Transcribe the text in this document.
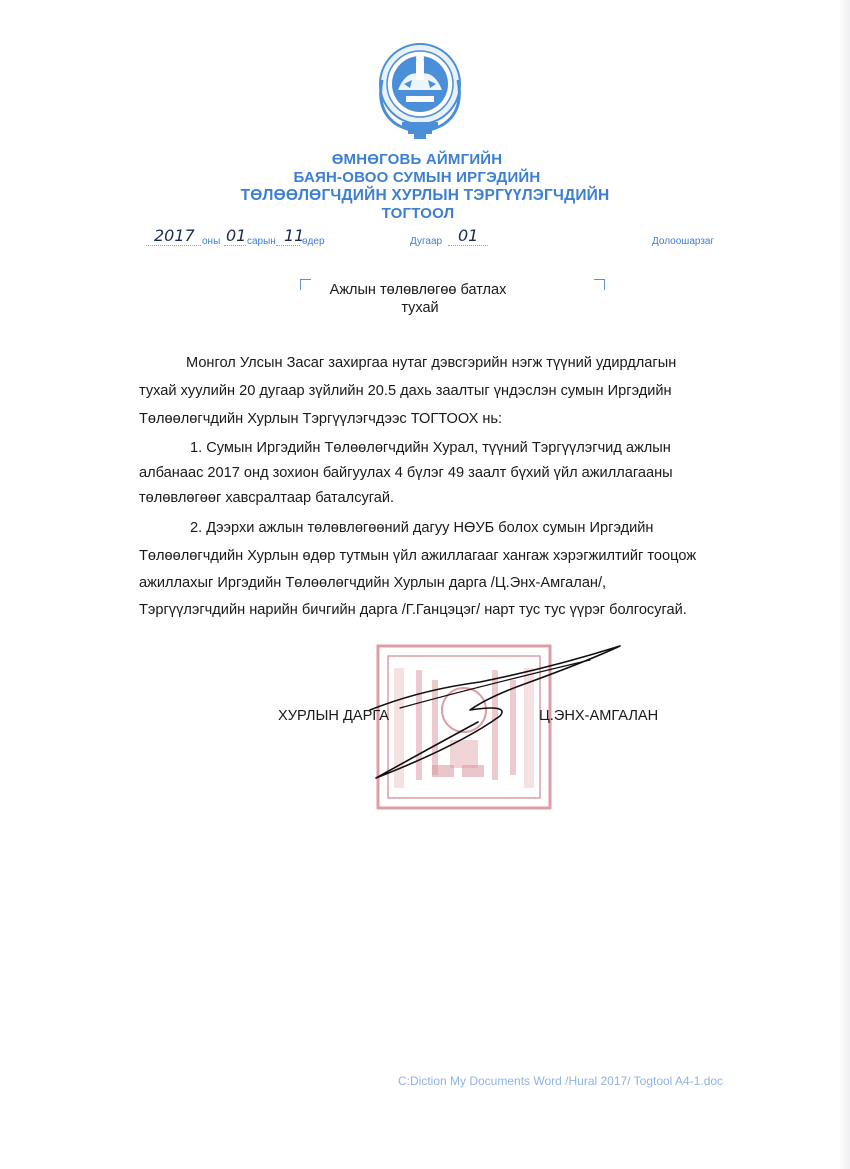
ӨМНӨГОВЬ АЙМГИЙН
БАЯН-ОВОО СУМЫН ИРГЭДИЙН
ТӨЛӨӨЛӨГЧДИЙН ХУРЛЫН ТЭРГҮҮЛЭГЧДИЙН
ТОГТООЛ
2017 оны 01 сарын 11
өдер	Дугаар 01	Долоошарзаг
Ажлын төлөвлөгөө батлах
тухай
Монгол Улсын Засаг захиргаа нутаг дэвсгэрийн нэгж түүний удирдлагын
тухай хуулийн 20 дугаар зүйлийн 20.5 дахь заалтыг үндэслэн сумын Иргэдийн
Төлөөлөгчдийн Хурлын Тэргүүлэгчдээс ТОГТООХ нь:
1. Сумын Иргэдийн Төлөөлөгчдийн Хурал, түүний Тэргүүлэгчид ажлын
албанаас 2017 онд зохион байгуулах 4 бүлэг 49 заалт бүхий үйл ажиллагааны
төлөвлөгөөг хавсралтаар баталсугай.
2. Дээрхи ажлын төлөвлөгөөний дагуу НӨУБ болох сумын Иргэдийн
Төлөөлөгчдийн Хурлын өдөр тутмын үйл ажиллагааг хангаж хэрэгжилтийг тооцож
ажиллахыг Иргэдийн Төлөөлөгчдийн Хурлын дарга /Ц.Энх-Амгалан/,
Тэргүүлэгчдийн нарийн бичгийн дарга /Г.Ганцэцэг/ нарт тус тус үүрэг болгосугай.
ХУРЛЫН ДАРГА	Ц.ЭНХ-АМГАЛАН
C:Diction My Documents Word /Hural 2017/ Togtool A4-1.doc
